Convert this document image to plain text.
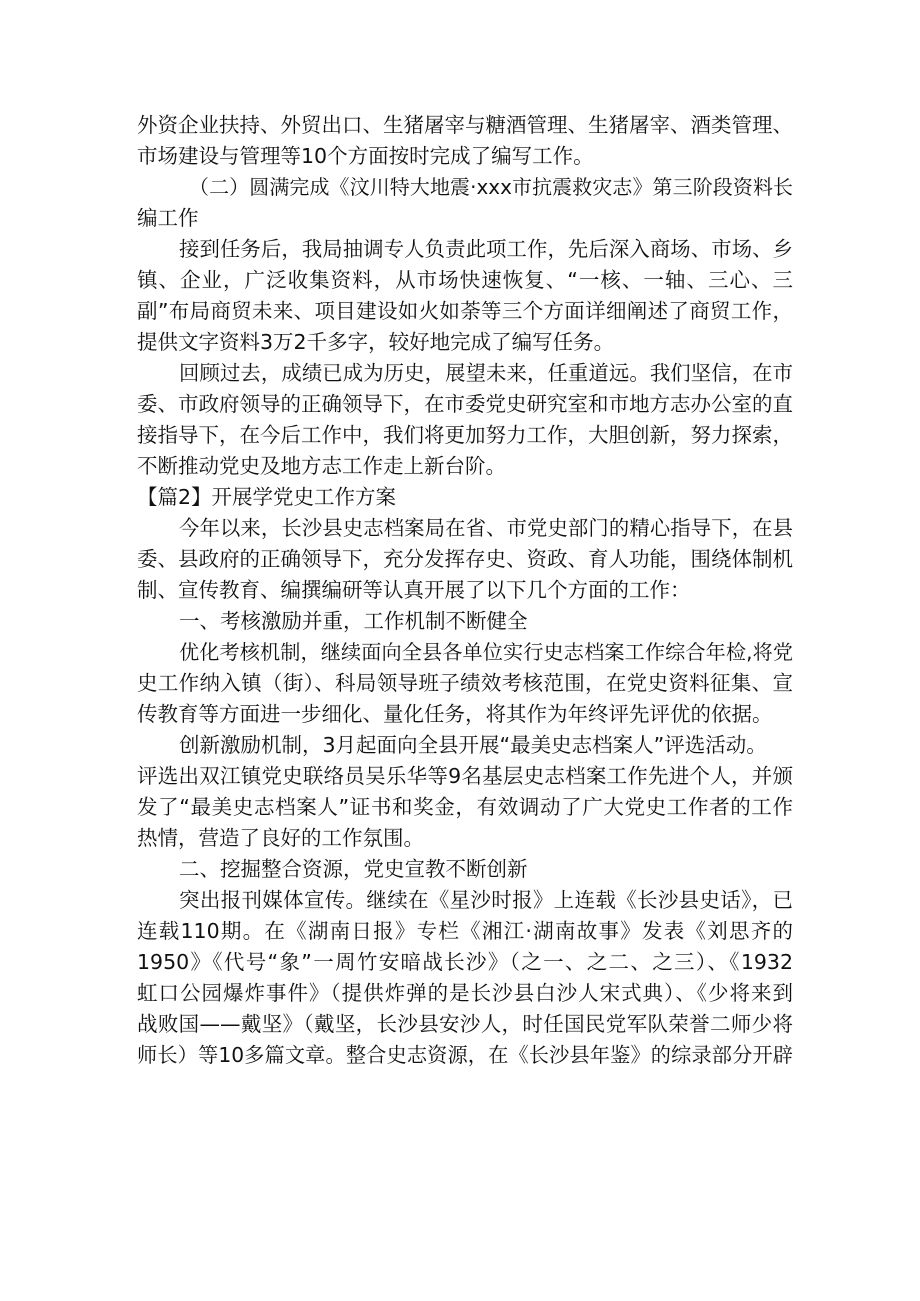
外资企业扶持、外贸出口、生猪屠宰与糖酒管理、生猪屠宰、酒类管理、
市场建设与管理等10个方面按时完成了编写工作。
（二）圆满完成《汶川特大地震·xxx市抗震救灾志》第三阶段资料长
编工作
接到任务后，我局抽调专人负责此项工作，先后深入商场、市场、乡
镇、企业，广泛收集资料，从市场快速恢复、“一核、一轴、三心、三
副”布局商贸未来、项目建设如火如荼等三个方面详细阐述了商贸工作，
提供文字资料3万2千多字，较好地完成了编写任务。
回顾过去，成绩已成为历史，展望未来，任重道远。我们坚信，在市
委、市政府领导的正确领导下，在市委党史研究室和市地方志办公室的直
接指导下，在今后工作中，我们将更加努力工作，大胆创新，努力探索，
不断推动党史及地方志工作走上新台阶。
【篇2】开展学党史工作方案
今年以来，长沙县史志档案局在省、市党史部门的精心指导下，在县
委、县政府的正确领导下，充分发挥存史、资政、育人功能，围绕体制机
制、宣传教育、编撰编研等认真开展了以下几个方面的工作：
一、考核激励并重，工作机制不断健全
优化考核机制，继续面向全县各单位实行史志档案工作综合年检,将党
史工作纳入镇（街）、科局领导班子绩效考核范围，在党史资料征集、宣
传教育等方面进一步细化、量化任务，将其作为年终评先评优的依据。
创新激励机制，3月起面向全县开展“最美史志档案人”评选活动。
评选出双江镇党史联络员吴乐华等9名基层史志档案工作先进个人，并颁
发了“最美史志档案人”证书和奖金，有效调动了广大党史工作者的工作
热情，营造了良好的工作氛围。
二、挖掘整合资源，党史宣教不断创新
突出报刊媒体宣传。继续在《星沙时报》上连载《长沙县史话》，已
连载110期。在《湖南日报》专栏《湘江·湖南故事》发表《刘思齐的
1950》《代号“象”一周竹安暗战长沙》（之一、之二、之三）、《1932
虹口公园爆炸事件》（提供炸弹的是长沙县白沙人宋式典）、《少将来到
战败国——戴坚》（戴坚，长沙县安沙人，时任国民党军队荣誉二师少将
师长）等10多篇文章。整合史志资源，在《长沙县年鉴》的综录部分开辟
